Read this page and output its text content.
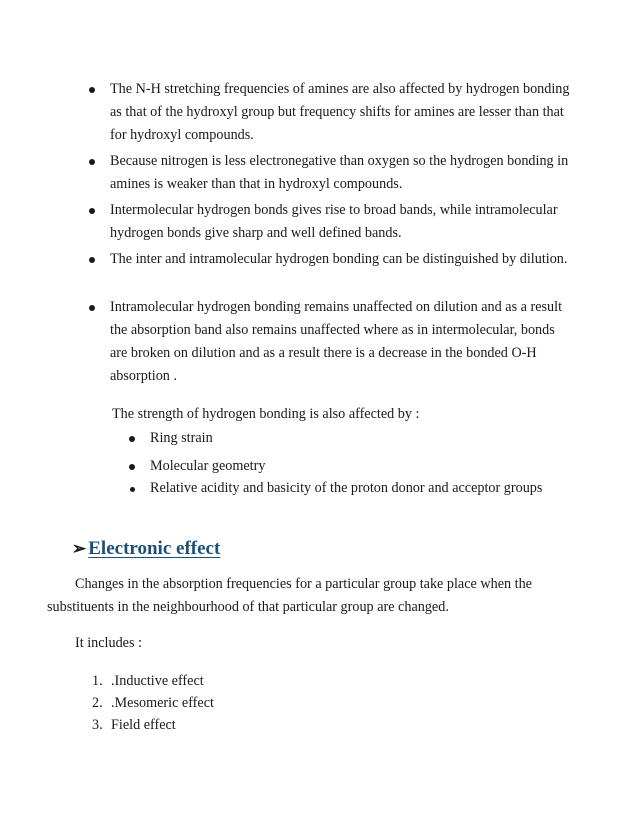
The N-H stretching frequencies of amines are also affected by hydrogen bonding as that of the hydroxyl group but frequency shifts for amines are lesser than that for hydroxyl compounds.

Because nitrogen is less electronegative than oxygen so the hydrogen bonding in amines is weaker than that in hydroxyl compounds.

Intermolecular hydrogen bonds gives rise to broad bands, while intramolecular hydrogen bonds give sharp and well defined bands.

The inter and intramolecular hydrogen bonding can be distinguished by dilution.

Intramolecular hydrogen bonding remains unaffected on dilution and as a result the absorption band also remains unaffected where as in intermolecular, bonds are broken on dilution and as a result there is a decrease in the bonded O-H absorption .

The strength of hydrogen bonding is also affected by :

Ring strain

Molecular geometry

Relative acidity and basicity of the proton donor and acceptor groups

➢ Electronic effect

Changes in the absorption frequencies for a particular group take place when the substituents in the neighbourhood of that particular group are changed.

It includes :

1. .Inductive effect
2. .Mesomeric effect
3. Field effect
